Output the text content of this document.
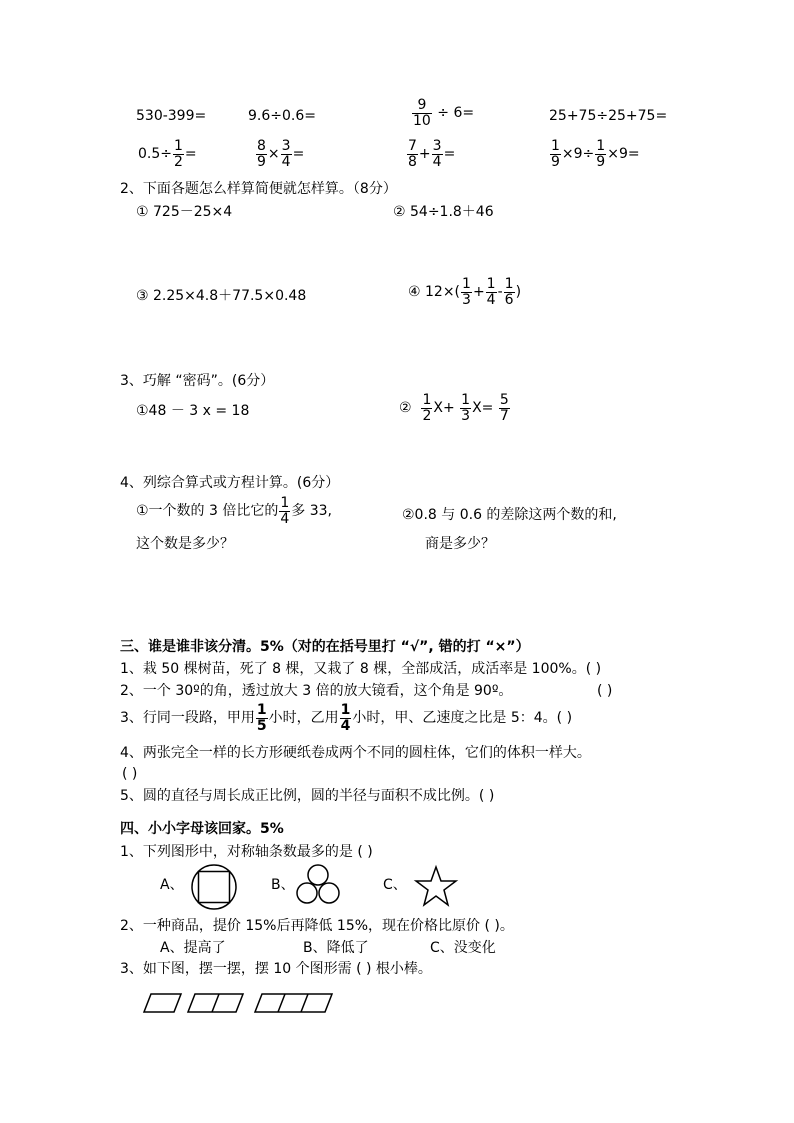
530-399=	9.6÷0.6=	$\frac{9}{10} \div 6=$	25+75÷25+75=
$0.5\div \frac{1}{2}$ =	$\frac{8}{9} \times \frac{3}{4}$ =	$\frac{7}{8} + \frac{3}{4}$ =	$\frac{1}{9} \times 9\div \frac{1}{9} \times 9=$
2、下面各题怎么样算简便就怎样算。（8分）
① 725－25×4	② 54÷1.8＋46
③ 2.25×4.8＋77.5×0.48	④ $12\times( \frac{1}{3} + \frac{1}{4} - \frac{1}{6}$ )
3、巧解 “密码”。(6分）
①48 － 3 x = 18	② $\frac{1}{2} X+ \frac{1}{3} X= \frac{5}{7}$
4、列综合算式或方程计算。(6分）
①一个数的 3 倍比它的 $\frac{1}{4}$ 多 33,
这个数是多少？
②0.8 与 0.6 的差除这两个数的和,
商是多少？
三、谁是谁非该分清。5%（对的在括号里打 “√”, 错的打 “×”）
1、栽 50 棵树苗，死了 8 棵，又栽了 8 棵，全部成活，成活率是 100%。( )
2、一个 30º的角，透过放大 3 倍的放大镜看，这个角是 90º。	( )
3、行同一段路，甲用 $\frac{1}{5}$ 小时，乙用 $\frac{1}{4}$ 小时，甲、乙速度之比是 5：4。( )
4、两张完全一样的长方形硬纸卷成两个不同的圆柱体，它们的体积一样大。
( )
5、圆的直径与周长成正比例，圆的半径与面积不成比例。( )
四、小小字母该回家。5%
1、下列图形中，对称轴条数最多的是 ( )
A、	B、	C、
2、一种商品，提价 15%后再降低 15%，现在价格比原价 ( )。
A、提高了	B、降低了	C、没变化
3、如下图，摆一摆，摆 10 个图形需 ( ) 根小棒。
